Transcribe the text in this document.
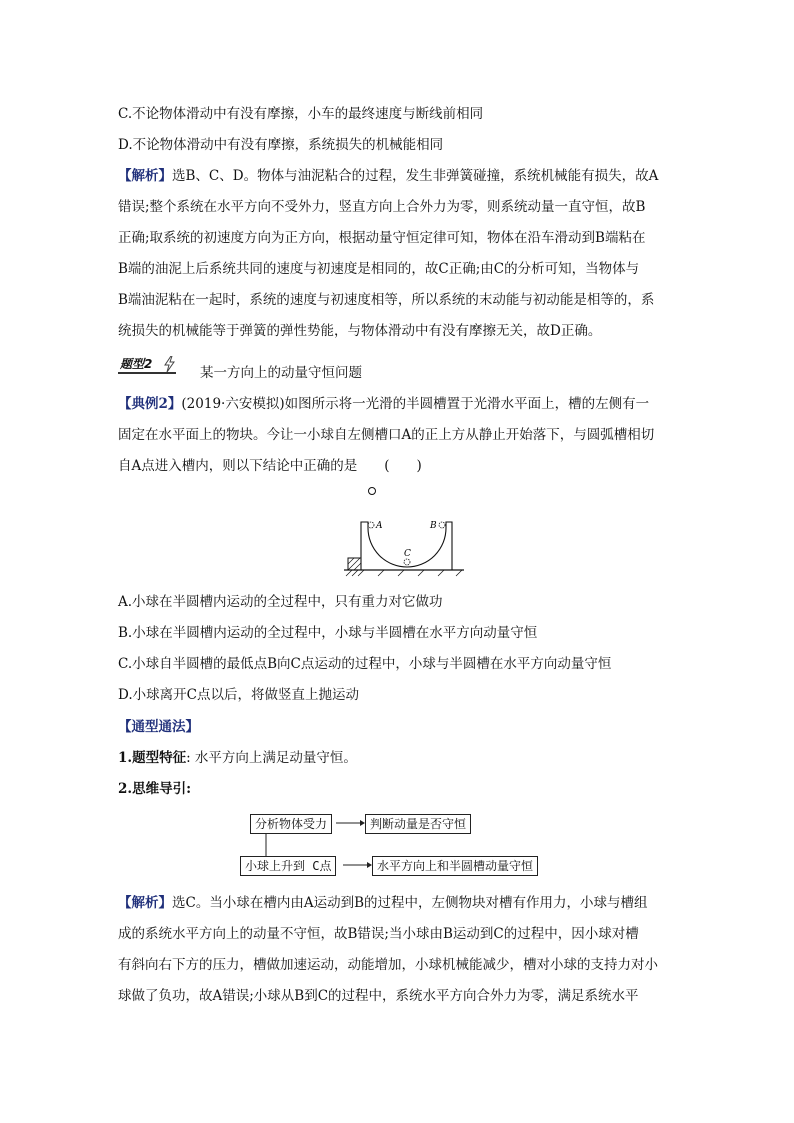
C.不论物体滑动中有没有摩擦，小车的最终速度与断线前相同
D.不论物体滑动中有没有摩擦，系统损失的机械能相同
【解析】选B、C、D。物体与油泥粘合的过程，发生非弹簧碰撞，系统机械能有损失，故A
错误;整个系统在水平方向不受外力，竖直方向上合外力为零，则系统动量一直守恒，故B
正确;取系统的初速度方向为正方向，根据动量守恒定律可知，物体在沿车滑动到B端粘在
B端的油泥上后系统共同的速度与初速度是相同的，故C正确;由C的分析可知，当物体与
B端油泥粘在一起时，系统的速度与初速度相等，所以系统的末动能与初动能是相等的，系
统损失的机械能等于弹簧的弹性势能，与物体滑动中有没有摩擦无关，故D正确。
题型2
某一方向上的动量守恒问题
【典例2】(2019·六安模拟)如图所示将一光滑的半圆槽置于光滑水平面上，槽的左侧有一
固定在水平面上的物块。今让一小球自左侧槽口A的正上方从静止开始落下，与圆弧槽相切
自A点进入槽内，则以下结论中正确的是　　(　　)
A	B
C
A.小球在半圆槽内运动的全过程中，只有重力对它做功
B.小球在半圆槽内运动的全过程中，小球与半圆槽在水平方向动量守恒
C.小球自半圆槽的最低点B向C点运动的过程中，小球与半圆槽在水平方向动量守恒
D.小球离开C点以后，将做竖直上抛运动
【通型通法】
1.题型特征: 水平方向上满足动量守恒。
2.思维导引:
分析物体受力	判断动量是否守恒
小球上升到 C点	水平方向上和半圆槽动量守恒
【解析】选C。当小球在槽内由A运动到B的过程中，左侧物块对槽有作用力，小球与槽组
成的系统水平方向上的动量不守恒，故B错误;当小球由B运动到C的过程中，因小球对槽
有斜向右下方的压力，槽做加速运动，动能增加，小球机械能减少，槽对小球的支持力对小
球做了负功，故A错误;小球从B到C的过程中，系统水平方向合外力为零，满足系统水平
